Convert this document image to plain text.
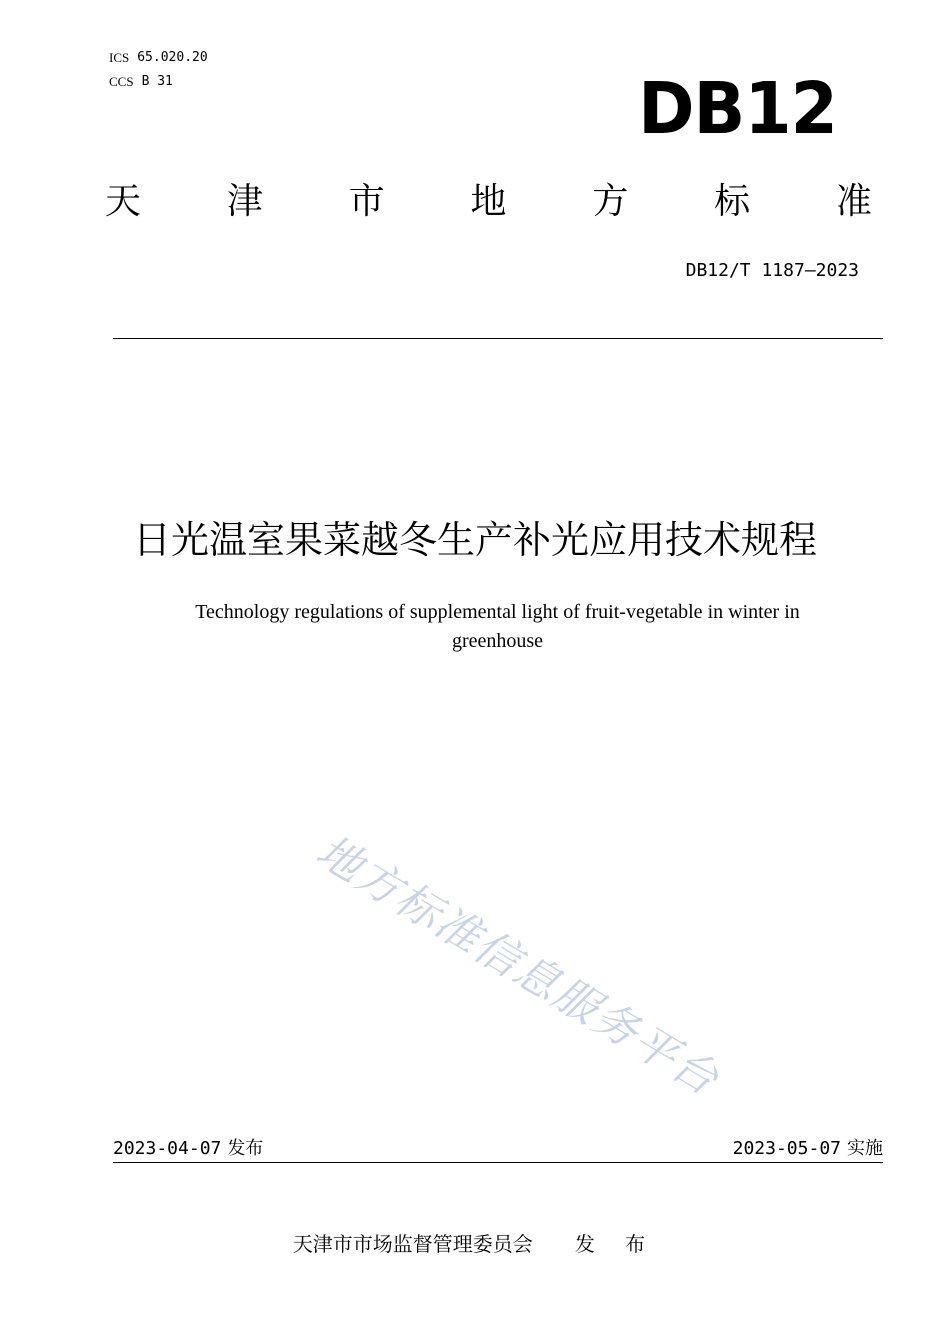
ICS 65.020.20
CCS B 31	DB12
天 津 市 地 方 标 准
DB12/T 1187—2023
日光温室果菜越冬生产补光应用技术规程
Technology regulations of supplemental light of fruit-vegetable in winter in greenhouse
地方标准信息服务平台
2023-04-07 发布	2023-05-07 实施
天津市市场监督管理委员会 发 布
